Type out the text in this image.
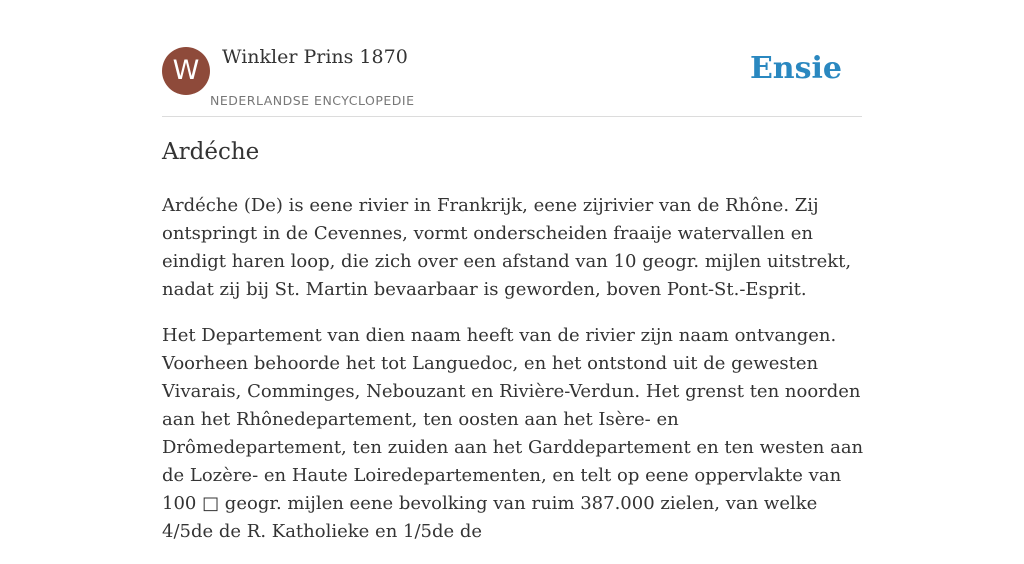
W	Winkler Prins 1870
NEDERLANDSE ENCYCLOPEDIE
Ensie
Ardéche

Ardéche (De) is eene rivier in Frankrijk, eene zijrivier van de Rhône. Zij ontspringt in de Cevennes, vormt onderscheiden fraaije watervallen en eindigt haren loop, die zich over een afstand van 10 geogr. mijlen uitstrekt, nadat zij bij St. Martin bevaarbaar is geworden, boven Pont-St.-Esprit.

Het Departement van dien naam heeft van de rivier zijn naam ontvangen. Voorheen behoorde het tot Languedoc, en het ontstond uit de gewesten Vivarais, Comminges, Nebouzant en Rivière-Verdun. Het grenst ten noorden aan het Rhônedepartement, ten oosten aan het Isère- en Drômedepartement, ten zuiden aan het Garddepartement en ten westen aan de Lozère- en Haute Loiredepartementen, en telt op eene oppervlakte van 100 □ geogr. mijlen eene bevolking van ruim 387.000 zielen, van welke 4/5de de R. Katholieke en 1/5de de
